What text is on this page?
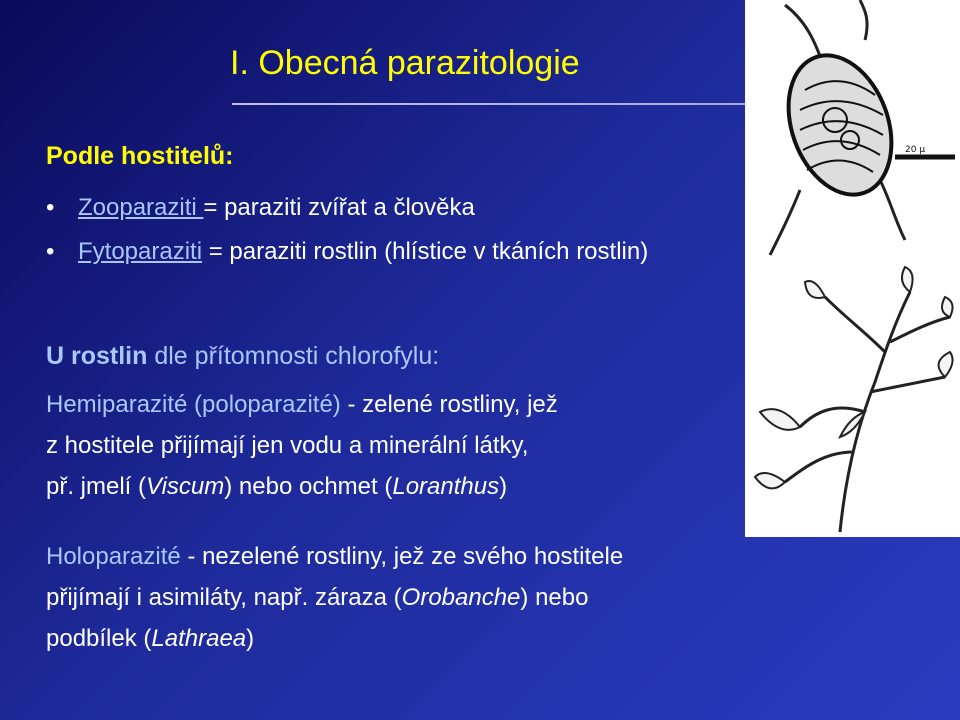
I. Obecná parazitologie
20 µ
Podle hostitelů:
• Zooparaziti = paraziti zvířat a člověka
• Fytoparaziti = paraziti rostlin (hlístice v tkáních rostlin)
U rostlin dle přítomnosti chlorofylu:
Hemiparazité (poloparazité) - zelené rostliny, jež
z hostitele přijímají jen vodu a minerální látky,
př. jmelí (Viscum) nebo ochmet (Loranthus)
Holoparazité - nezelené rostliny, jež ze svého hostitele
přijímají i asimiláty, např. záraza (Orobanche) nebo
podbílek (Lathraea)
